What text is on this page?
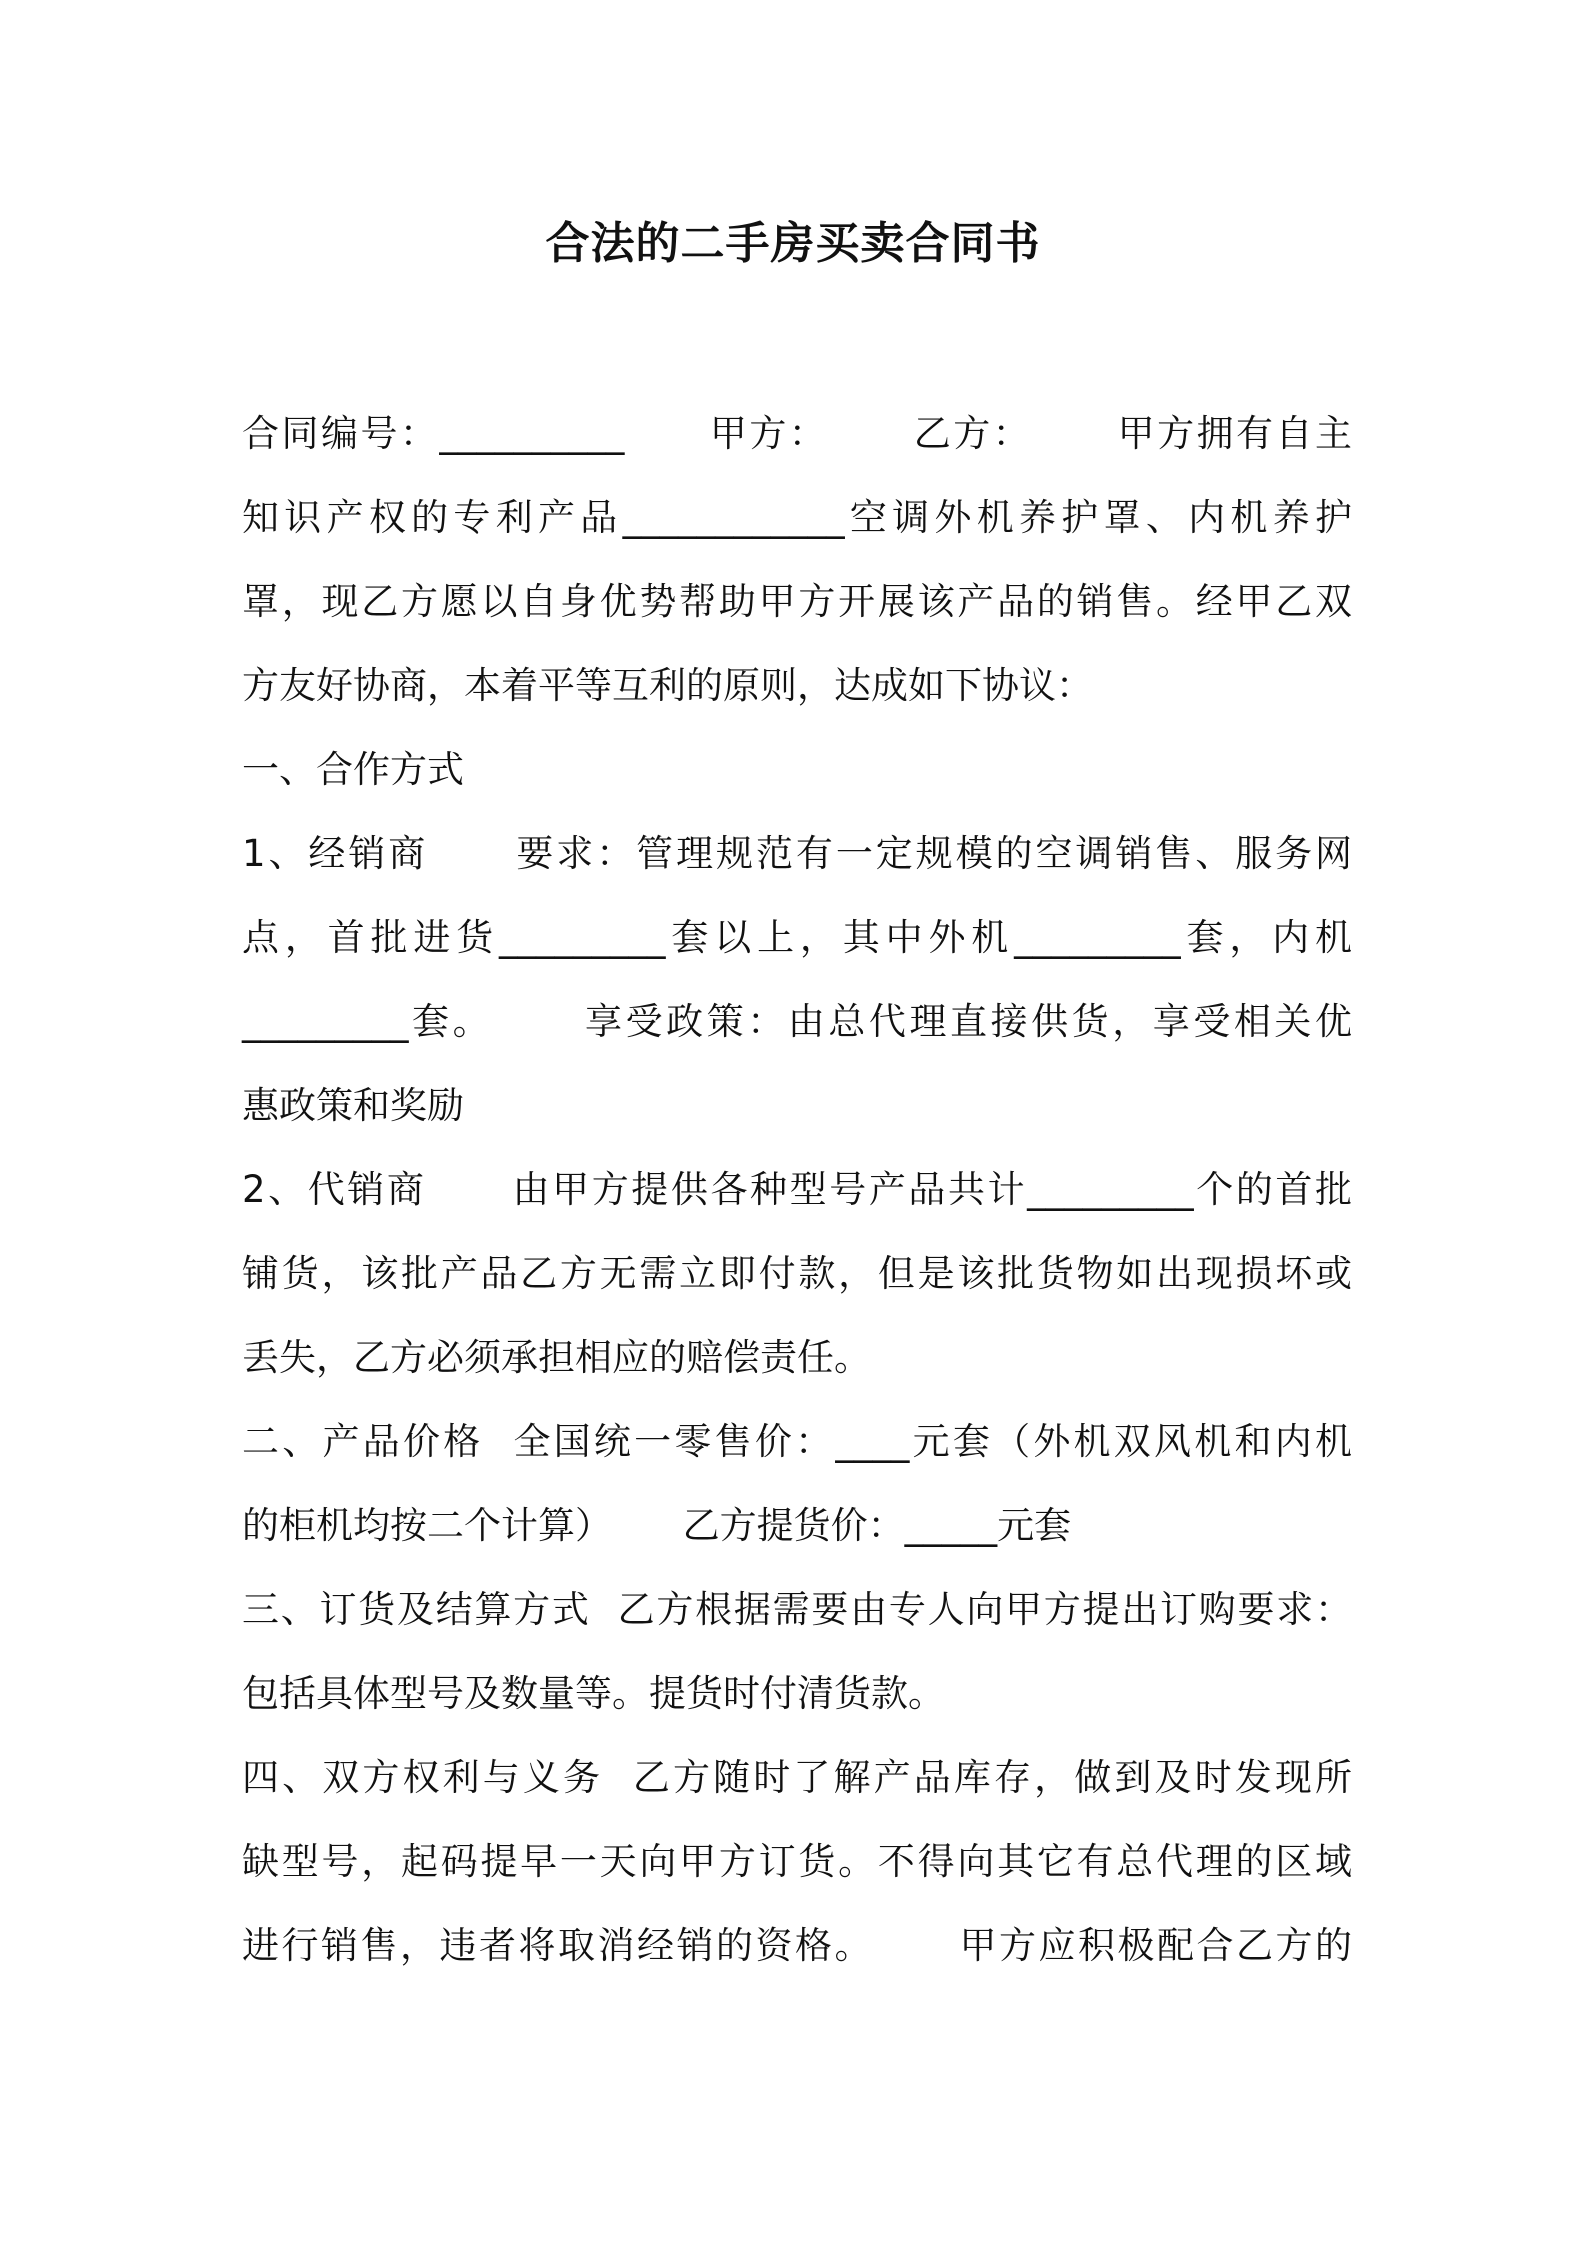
合法的二手房买卖合同书

合同编号：__________      甲方：      乙方：      甲方拥有自主

知识产权的专利产品____________空调外机养护罩、内机养护

罩，现乙方愿以自身优势帮助甲方开展该产品的销售。经甲乙双

方友好协商，本着平等互利的原则，达成如下协议：

一、合作方式

1、经销商      要求：管理规范有一定规模的空调销售、服务网

点，首批进货_________套以上，其中外机_________套，内机

_________套。      享受政策：由总代理直接供货，享受相关优

惠政策和奖励

2、代销商      由甲方提供各种型号产品共计_________个的首批

铺货，该批产品乙方无需立即付款，但是该批货物如出现损坏或

丢失，乙方必须承担相应的赔偿责任。

二、产品价格  全国统一零售价：____元套（外机双风机和内机

的柜机均按二个计算）      乙方提货价：_____元套

三、订货及结算方式  乙方根据需要由专人向甲方提出订购要求：

包括具体型号及数量等。提货时付清货款。

四、双方权利与义务  乙方随时了解产品库存，做到及时发现所

缺型号，起码提早一天向甲方订货。不得向其它有总代理的区域

进行销售，违者将取消经销的资格。      甲方应积极配合乙方的
